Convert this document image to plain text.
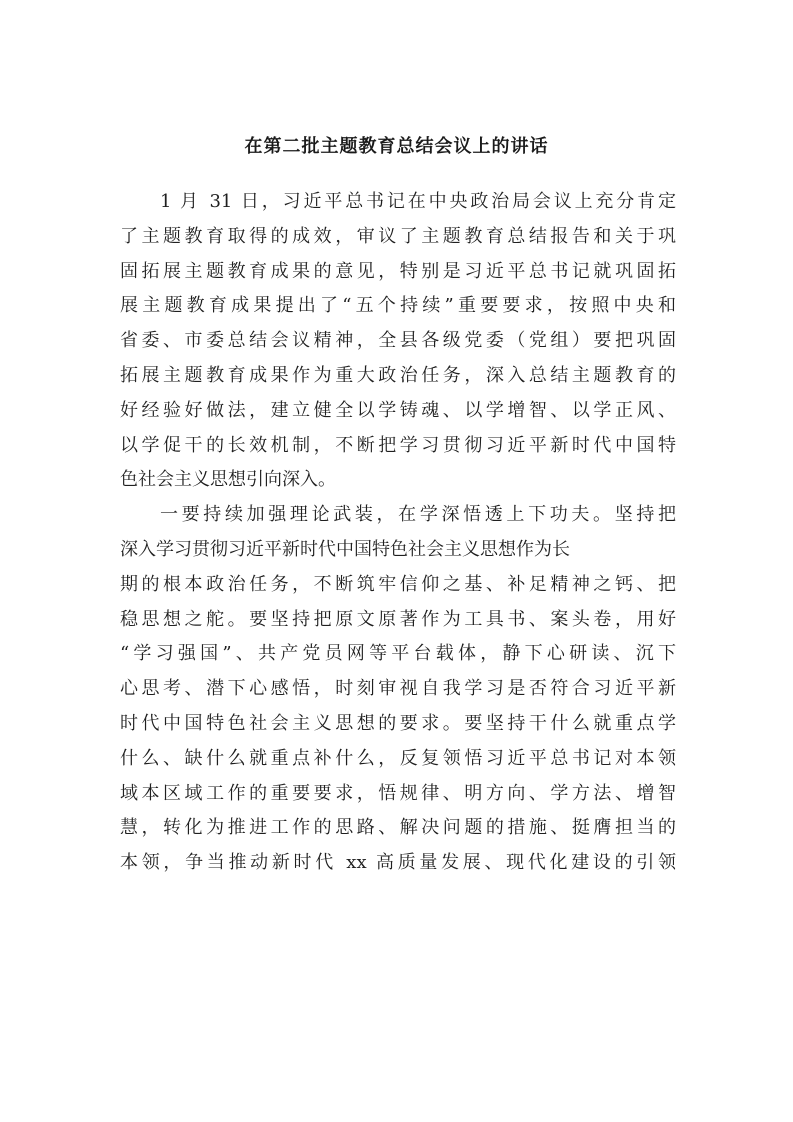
在第二批主题教育总结会议上的讲话
1 月 31 日，习近平总书记在中央政治局会议上充分肯定
了主题教育取得的成效，审议了主题教育总结报告和关于巩
固拓展主题教育成果的意见，特别是习近平总书记就巩固拓
展主题教育成果提出了“五个持续”重要要求，按照中央和
省委、市委总结会议精神，全县各级党委（党组）要把巩固
拓展主题教育成果作为重大政治任务，深入总结主题教育的
好经验好做法，建立健全以学铸魂、以学增智、以学正风、
以学促干的长效机制，不断把学习贯彻习近平新时代中国特
色社会主义思想引向深入。
一要持续加强理论武装，在学深悟透上下功夫。坚持把
深入学习贯彻习近平新时代中国特色社会主义思想作为长
期的根本政治任务，不断筑牢信仰之基、补足精神之钙、把
稳思想之舵。要坚持把原文原著作为工具书、案头卷，用好
“学习强国”、共产党员网等平台载体，静下心研读、沉下
心思考、潜下心感悟，时刻审视自我学习是否符合习近平新
时代中国特色社会主义思想的要求。要坚持干什么就重点学
什么、缺什么就重点补什么，反复领悟习近平总书记对本领
域本区域工作的重要要求，悟规律、明方向、学方法、增智
慧，转化为推进工作的思路、解决问题的措施、挺膺担当的
本领，争当推动新时代 xx 高质量发展、现代化建设的引领
